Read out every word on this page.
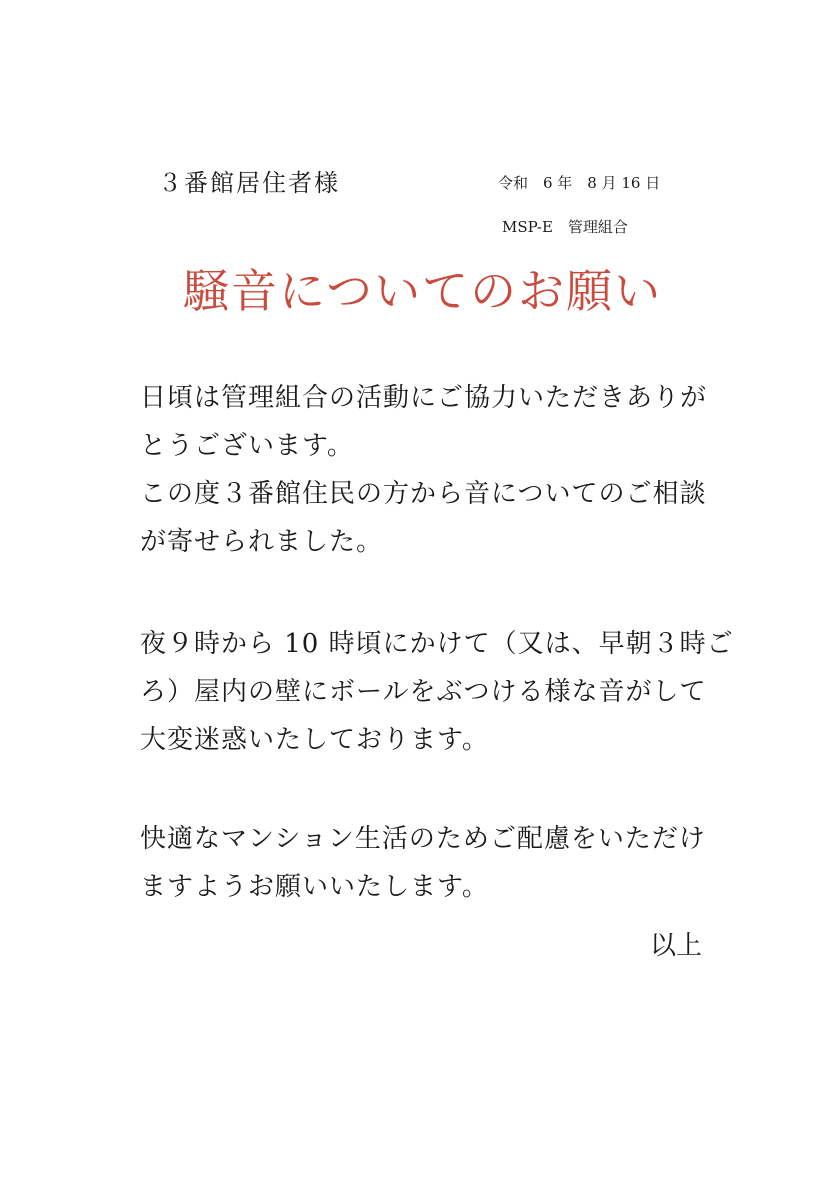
３番館居住者様	令和　6 年　8 月 16 日
MSP-E　管理組合
騒音についてのお願い
日頃は管理組合の活動にご協力いただきありが
とうございます。
この度３番館住民の方から音についてのご相談
が寄せられました。
夜９時から 10 時頃にかけて（又は、早朝３時ご
ろ）屋内の壁にボールをぶつける様な音がして
大変迷惑いたしております。
快適なマンション生活のためご配慮をいただけ
ますようお願いいたします。
以上
